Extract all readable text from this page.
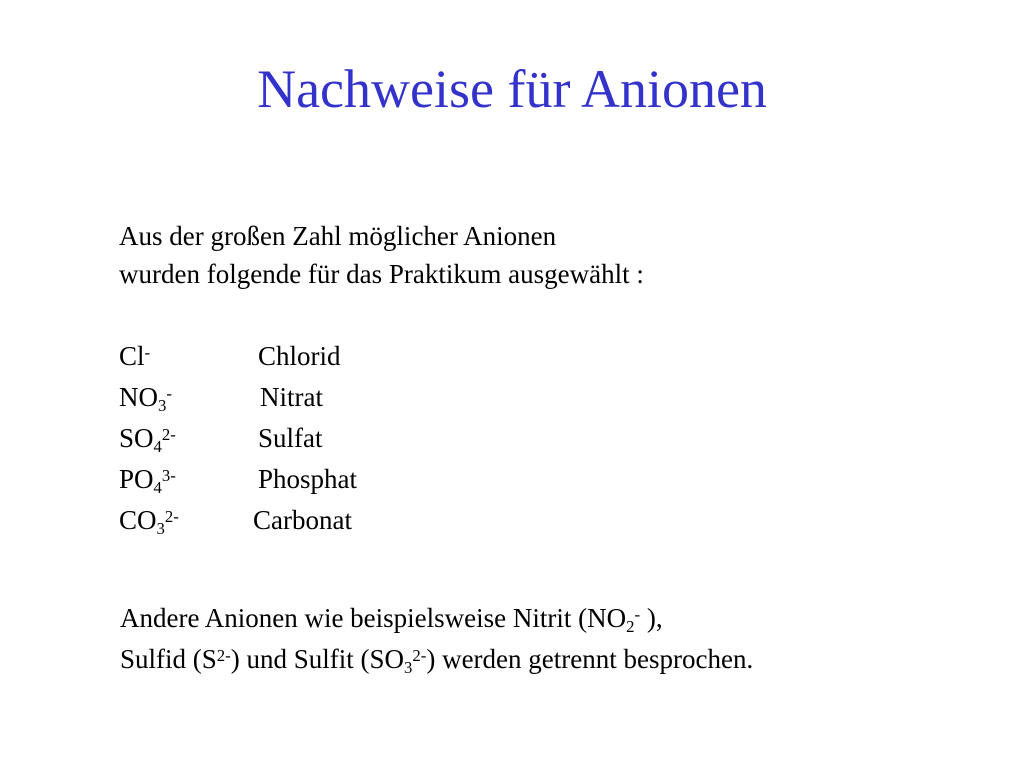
Nachweise für Anionen
Aus der großen Zahl möglicher Anionen
wurden folgende für das Praktikum ausgewählt :
Cl-	Chlorid
$NO_3^-$	Nitrat
$SO_4^{2-}$	Sulfat
$PO_4^{3-}$	Phosphat
$CO_3^{2-}$	Carbonat
Andere Anionen wie beispielsweise Nitrit ($NO_2^-$ ),
Sulfid $(S^{2-})$ und Sulfit $(SO_3^{2-})$ werden getrennt besprochen.
